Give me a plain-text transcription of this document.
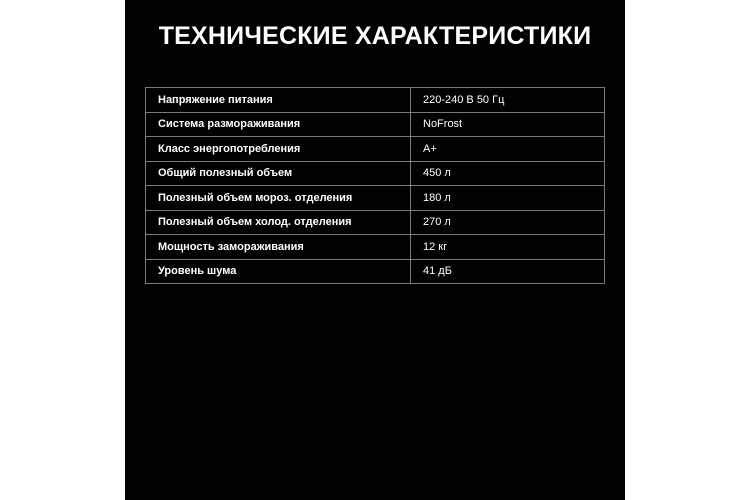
ТЕХНИЧЕСКИЕ ХАРАКТЕРИСТИКИ
Напряжение питания	220-240 В 50 Гц
Система размораживания	NoFrost
Класс энергопотребления	А+
Общий полезный объем	450 л
Полезный объем мороз. отделения	180 л
Полезный объем холод. отделения	270 л
Мощность замораживания	12 кг
Уровень шума	41 дБ
